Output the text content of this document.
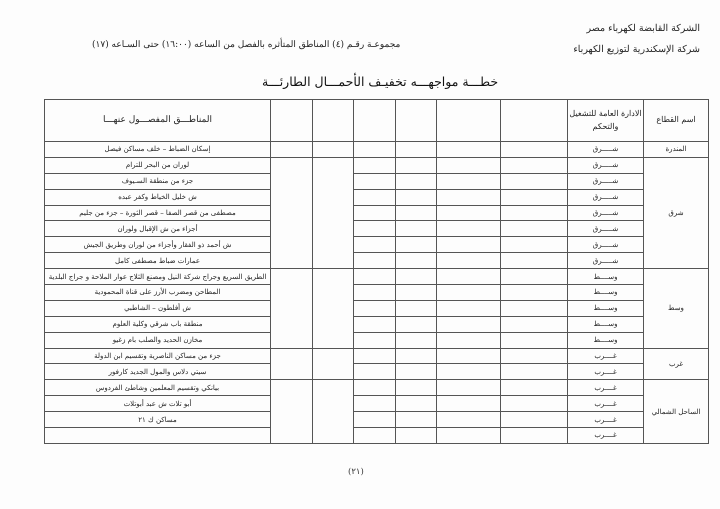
الشركة القابضة لكهرباء مصر
شركة الإسكندرية لتوزيع الكهرباء
مجموعـة رقـم (٤) المناطق المتأثره بالفصل من الساعه (١٦:٠٠) حتى السـاعه (١٧)
خطـــة مواجهـــه تخفيـف الأحمـــال الطارئـــة
اسم القطاع	الادارة العامة للتشغيل والتحكم							المناطـــق المفصـــول عنهـــا
المندرة	شـــــرق							إسكان الضباط – خلف مساكن فيصل
شرق	شـــــرق							لوران من البحر للترام
	شـــــرق							جزء من منطقة السـيوف
	شـــــرق							ش خليل الخياط وكفر عبده
	شـــــرق							مصطفى من قصر الصفا – قصر الثورة – جزء من جليم
	شـــــرق							أجزاء من ش الإقبال ولوران
	شـــــرق							ش أحمد ذو الفقار وأجزاء من لوران وطريق الجيش
	شـــــرق							عمارات ضباط مصطفى كامل
وسط	وســــط							الطريق السريع وجراج شركة النيل ومصنع الثلاج عوار الملاحة و جراج البلدية
	وســــط							المطاحن ومضرب الأرز على قناة المحمودية
	وســــط							ش أفلطون – الشاطبي
	وســــط							منطقة باب شرقي وكلية العلوم
	وســــط							مخازن الحديد والصلب بام زغيو
غرب	غــــرب							جزء من مساكن الناصرية وتقسيم ابن الدولة
	غــــرب							سيتي دلاس والمول الجديد كارفور
الساحل الشمالي	غــــرب							بيانكي وتقسيم المعلمين وشاطئ الفردوس
	غــــرب							أبو تلات ش عبد أبوتلات
	غــــرب							مساكن ك ٢١
	غــــرب							
(٢١)
